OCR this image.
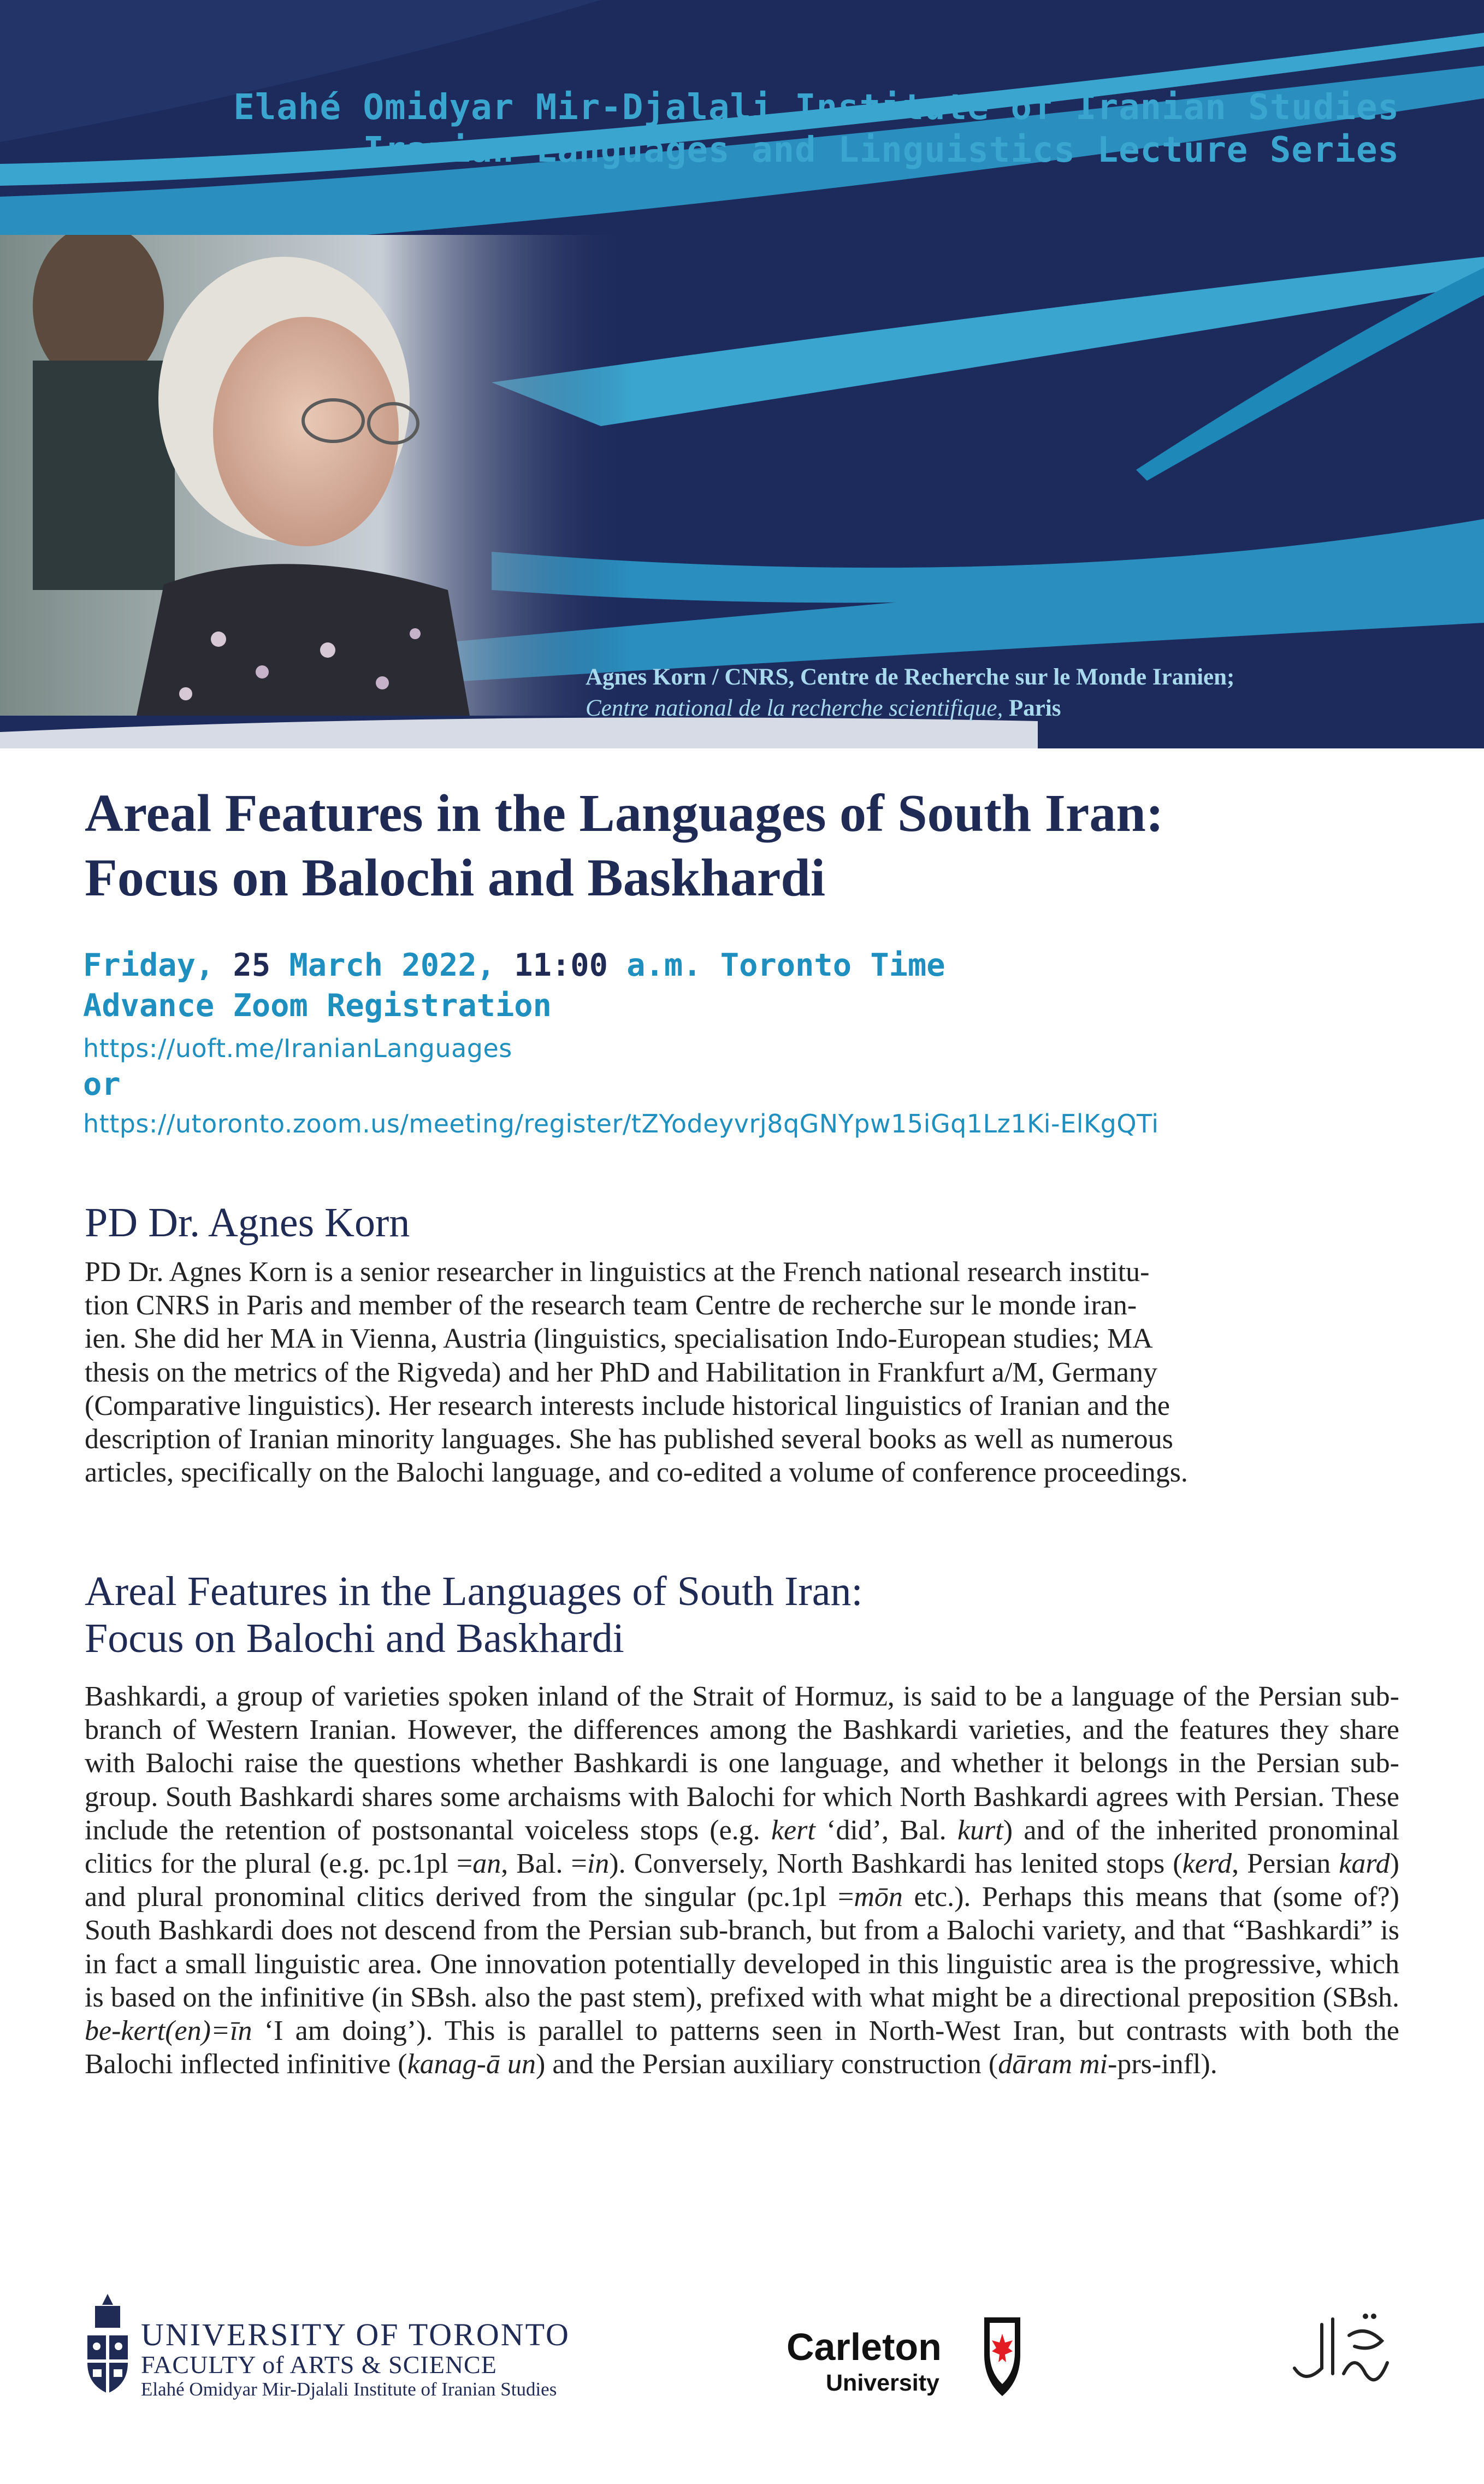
Elahé Omidyar Mir-Djalali Institute of Iranian Studies
Iranian Languages and Linguistics Lecture Series
Agnes Korn / CNRS, Centre de Recherche sur le Monde Iranien;
Centre national de la recherche scientifique, Paris
Areal Features in the Languages of South Iran:
Focus on Balochi and Baskhardi
Friday, 25 March 2022, 11:00 a.m. Toronto Time
Advance Zoom Registration
https://uoft.me/IranianLanguages
or
https://utoronto.zoom.us/meeting/register/tZYodeyvrj8qGNYpw15iGq1Lz1Ki-ElKgQTi
PD Dr. Agnes Korn
PD Dr. Agnes Korn is a senior researcher in linguistics at the French national research institu-
tion CNRS in Paris and member of the research team Centre de recherche sur le monde iran-
ien. She did her MA in Vienna, Austria (linguistics, specialisation Indo-European studies; MA
thesis on the metrics of the Rigveda) and her PhD and Habilitation in Frankfurt a/M, Germany
(Comparative linguistics). Her research interests include historical linguistics of Iranian and the
description of Iranian minority languages. She has published several books as well as numerous
articles, specifically on the Balochi language, and co-edited a volume of conference proceedings.
Areal Features in the Languages of South Iran:
Focus on Balochi and Baskhardi

Bashkardi, a group of varieties spoken inland of the Strait of Hormuz, is said to be a language of the Persian sub-branch of Western Iranian. However, the differences among the Bashkardi varieties, and the features they share with Balochi raise the questions whether Bashkardi is one language, and whether it belongs in the Persian sub-group. South Bashkardi shares some archaisms with Balochi for which North Bashkardi agrees with Persian. These include the retention of postsonantal voiceless stops (e.g. kert ‘did’, Bal. kurt) and of the inherited pronominal clitics for the plural (e.g. pc.1pl =an, Bal. =in). Conversely, North Bashkardi has lenited stops (kerd, Persian kard) and plural pronominal clitics derived from the singular (pc.1pl =mōn etc.). Perhaps this means that (some of?) South Bashkardi does not descend from the Persian sub-branch, but from a Balochi variety, and that “Bashkardi” is in fact a small linguistic area. One innovation potentially developed in this linguistic area is the progressive, which is based on the infinitive (in SBsh. also the past stem), prefixed with what might be a directional preposition (SBsh. be-kert(en)=īn ‘I am doing’). This is parallel to patterns seen in North-West Iran, but contrasts with both the Balochi inflected infinitive (kanag-ā un) and the Persian auxiliary construction (dāram mi-prs-infl).

UNIVERSITY OF TORONTO
FACULTY of ARTS & SCIENCE
Elahé Omidyar Mir-Djalali Institute of Iranian Studies
Carleton
University
